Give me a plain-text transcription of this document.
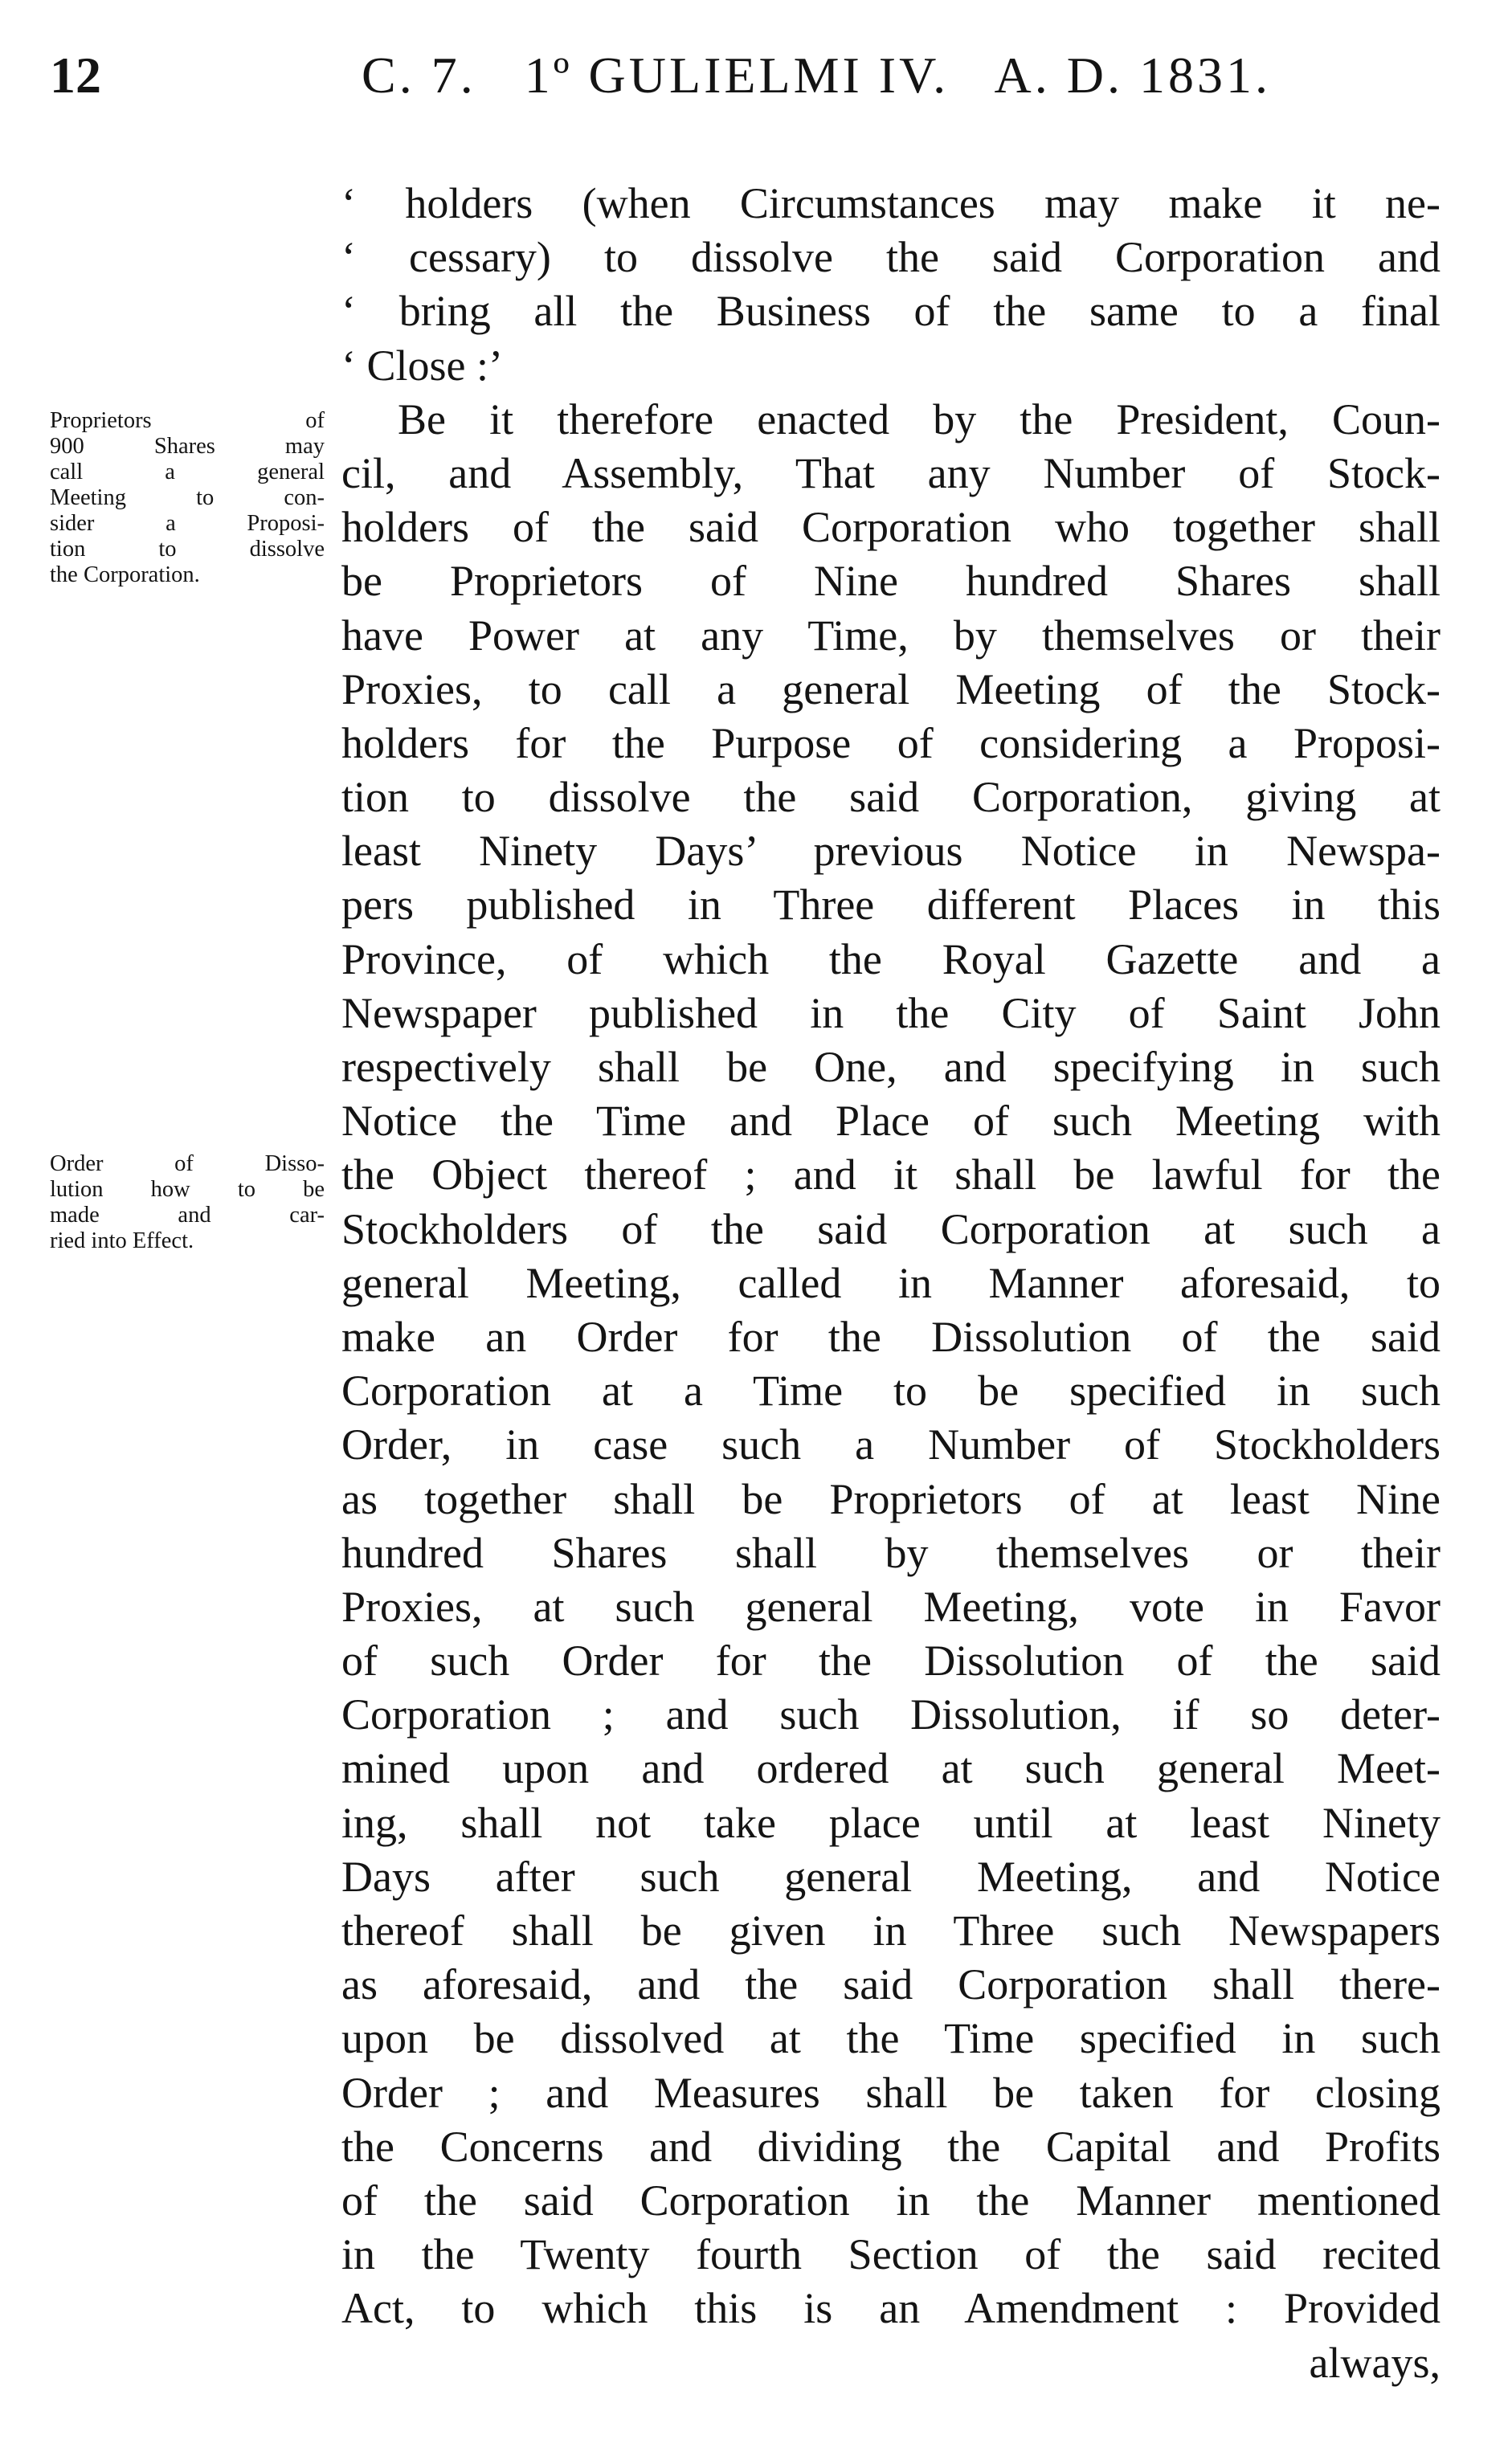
12	C. 7.   1º GULIELMI IV.   A. D. 1831.
‘ holders (when Circumstances may make it ne-
‘ cessary) to dissolve the said Corporation and
‘ bring all the Business of the same to a final
‘ Close :’
Be it therefore enacted by the President, Coun-
cil, and Assembly, That any Number of Stock-
holders of the said Corporation who together shall
be Proprietors of Nine hundred Shares shall
have Power at any Time, by themselves or their
Proxies, to call a general Meeting of the Stock-
holders for the Purpose of considering a Proposi-
tion to dissolve the said Corporation, giving at
least Ninety Days’ previous Notice in Newspa-
pers published in Three different Places in this
Province, of which the Royal Gazette and a
Newspaper published in the City of Saint John
respectively shall be One, and specifying in such
Notice the Time and Place of such Meeting with
the Object thereof ; and it shall be lawful for the
Stockholders of the said Corporation at such a
general Meeting, called in Manner aforesaid, to
make an Order for the Dissolution of the said
Corporation at a Time to be specified in such
Order, in case such a Number of Stockholders
as together shall be Proprietors of at least Nine
hundred Shares shall by themselves or their
Proxies, at such general Meeting, vote in Favor
of such Order for the Dissolution of the said
Corporation ; and such Dissolution, if so deter-
mined upon and ordered at such general Meet-
ing, shall not take place until at least Ninety
Days after such general Meeting, and Notice
thereof shall be given in Three such Newspapers
as aforesaid, and the said Corporation shall there-
upon be dissolved at the Time specified in such
Order ; and Measures shall be taken for closing
the Concerns and dividing the Capital and Profits
of the said Corporation in the Manner mentioned
in the Twenty fourth Section of the said recited
Act, to which this is an Amendment : Provided
always,
Proprietors of
900 Shares may
call a general
Meeting to con-
sider a Proposi-
tion to dissolve
the Corporation.
Order of Disso-
lution how to be
made and car-
ried into Effect.
